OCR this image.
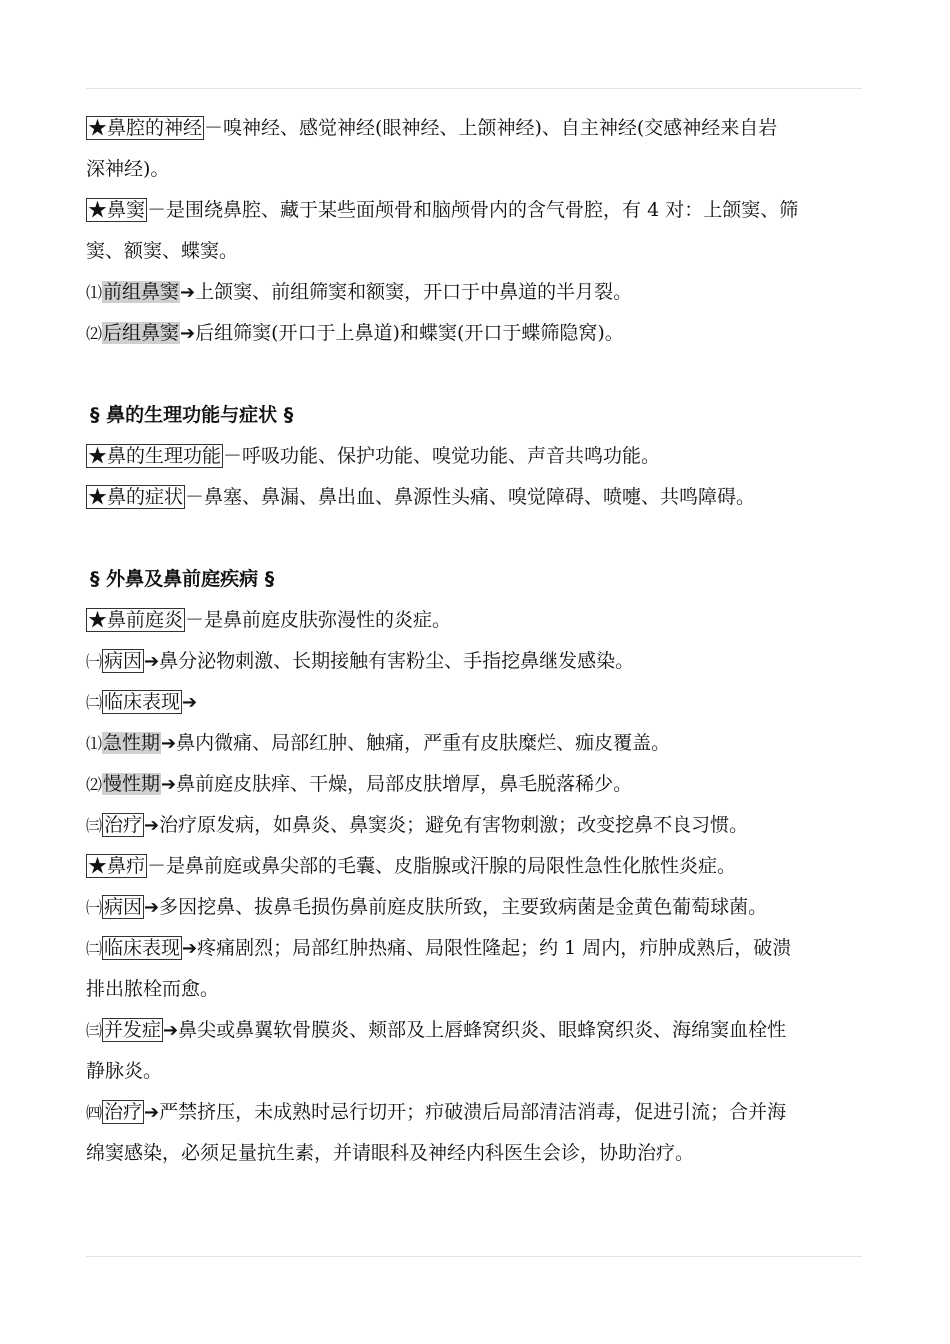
★鼻腔的神经 －嗅神经、感觉神经(眼神经、上颌神经)、自主神经(交感神经来自岩
深神经)。
★鼻窦 －是围绕鼻腔、藏于某些面颅骨和脑颅骨内的含气骨腔，有 4 对：上颌窦、筛
窦、额窦、蝶窦。
⑴前组鼻窦➔上颌窦、前组筛窦和额窦，开口于中鼻道的半月裂。
⑵后组鼻窦➔后组筛窦(开口于上鼻道)和蝶窦(开口于蝶筛隐窝)。
§ 鼻的生理功能与症状 §
★鼻的生理功能 －呼吸功能、保护功能、嗅觉功能、声音共鸣功能。
★鼻的症状 －鼻塞、鼻漏、鼻出血、鼻源性头痛、嗅觉障碍、喷嚏、共鸣障碍。
§ 外鼻及鼻前庭疾病 §
★鼻前庭炎 －是鼻前庭皮肤弥漫性的炎症。
㈠ 病因 ➔鼻分泌物刺激、长期接触有害粉尘、手指挖鼻继发感染。
㈡ 临床表现 ➔
⑴急性期➔鼻内微痛、局部红肿、触痛，严重有皮肤糜烂、痂皮覆盖。
⑵慢性期➔鼻前庭皮肤痒、干燥，局部皮肤增厚，鼻毛脱落稀少。
㈢ 治疗 ➔治疗原发病，如鼻炎、鼻窦炎；避免有害物刺激；改变挖鼻不良习惯。
★鼻疖 －是鼻前庭或鼻尖部的毛囊、皮脂腺或汗腺的局限性急性化脓性炎症。
㈠ 病因 ➔多因挖鼻、拔鼻毛损伤鼻前庭皮肤所致，主要致病菌是金黄色葡萄球菌。
㈡ 临床表现 ➔疼痛剧烈；局部红肿热痛、局限性隆起；约 1 周内，疖肿成熟后，破溃
排出脓栓而愈。
㈢ 并发症 ➔鼻尖或鼻翼软骨膜炎、颊部及上唇蜂窝织炎、眼蜂窝织炎、海绵窦血栓性
静脉炎。
㈣ 治疗 ➔严禁挤压，未成熟时忌行切开；疖破溃后局部清洁消毒，促进引流；合并海
绵窦感染，必须足量抗生素，并请眼科及神经内科医生会诊，协助治疗。
